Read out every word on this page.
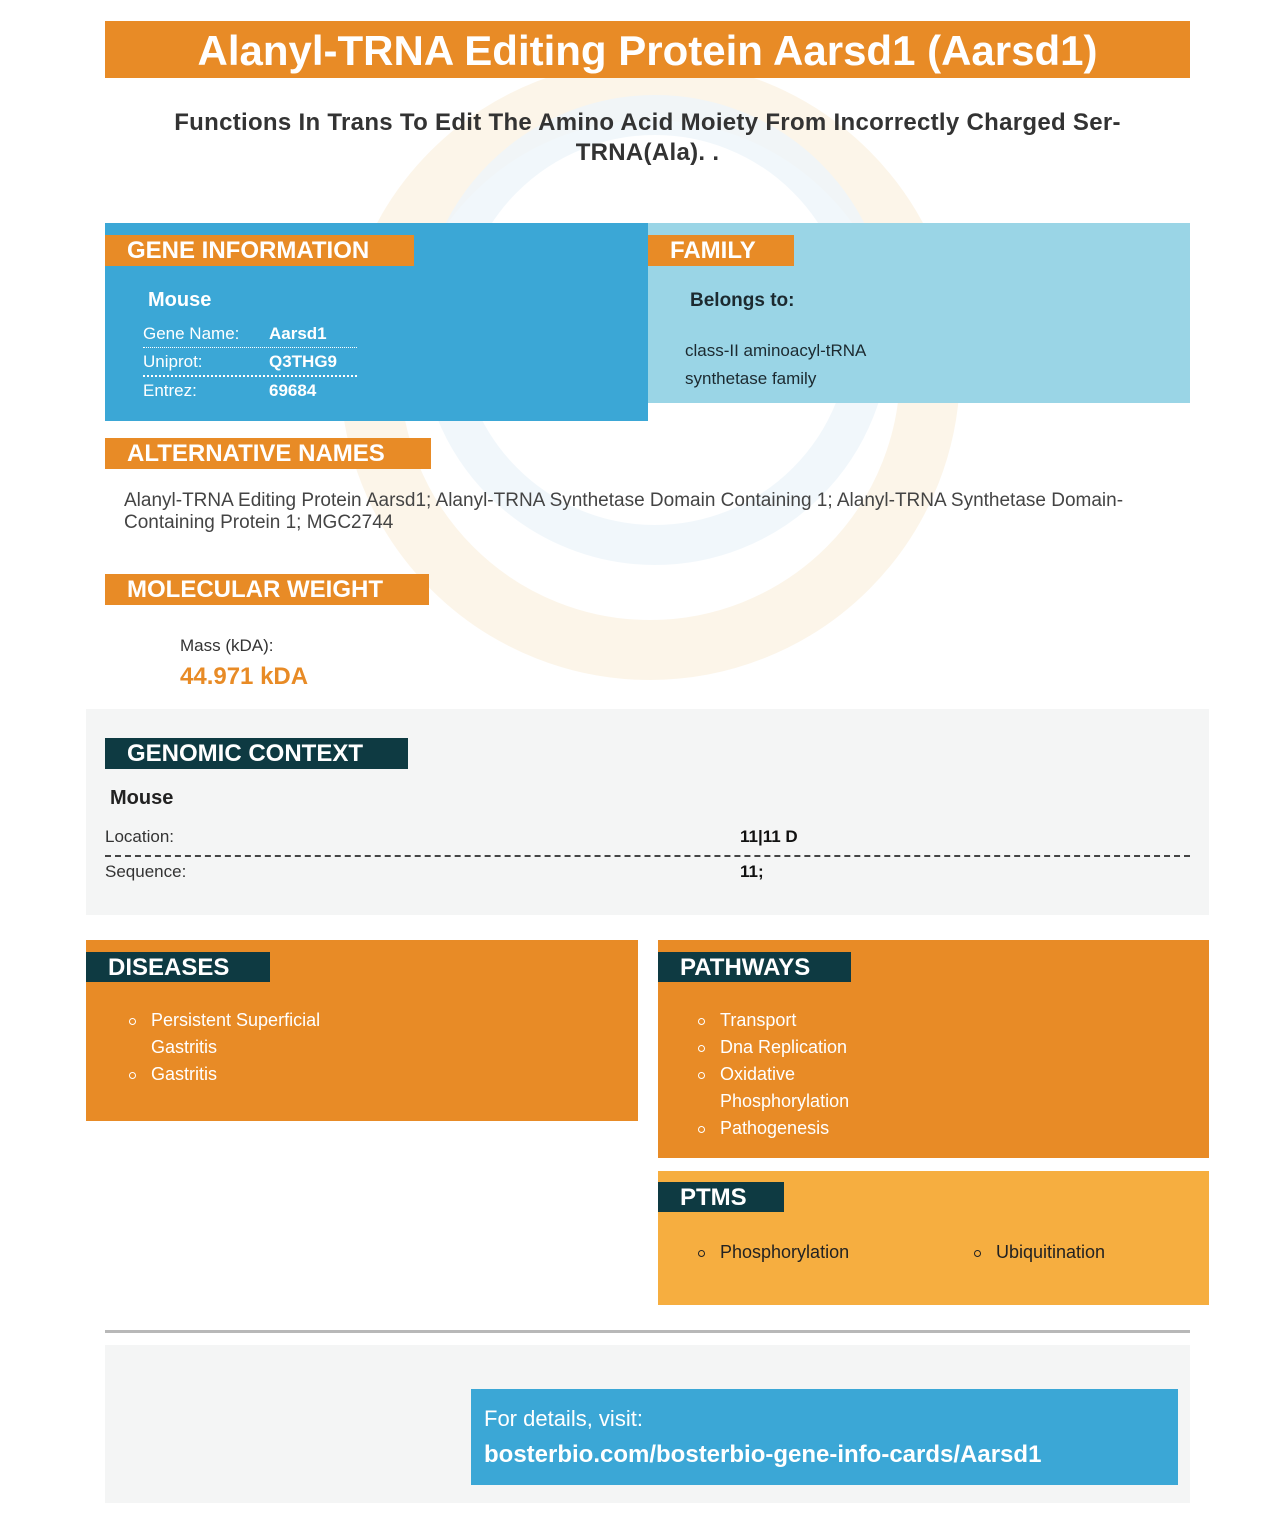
Alanyl-TRNA Editing Protein Aarsd1 (Aarsd1)
Functions In Trans To Edit The Amino Acid Moiety From Incorrectly Charged Ser-TRNA(Ala). .
GENE INFORMATION
Mouse
Gene Name:	Aarsd1
Uniprot:	Q3THG9
Entrez:	69684
FAMILY
Belongs to:
class-II aminoacyl-tRNA
synthetase family
ALTERNATIVE NAMES
Alanyl-TRNA Editing Protein Aarsd1; Alanyl-TRNA Synthetase Domain Containing 1; Alanyl-TRNA Synthetase Domain-Containing Protein 1; MGC2744
MOLECULAR WEIGHT
Mass (kDA):
44.971 kDA
GENOMIC CONTEXT
Mouse
Location:	11|11 D
Sequence:	11;
DISEASES
Persistent Superficial Gastritis
Gastritis
PATHWAYS
Transport
Dna Replication
Oxidative Phosphorylation
Pathogenesis
PTMS
Phosphorylation	Ubiquitination
For details, visit:
bosterbio.com/bosterbio-gene-info-cards/Aarsd1
